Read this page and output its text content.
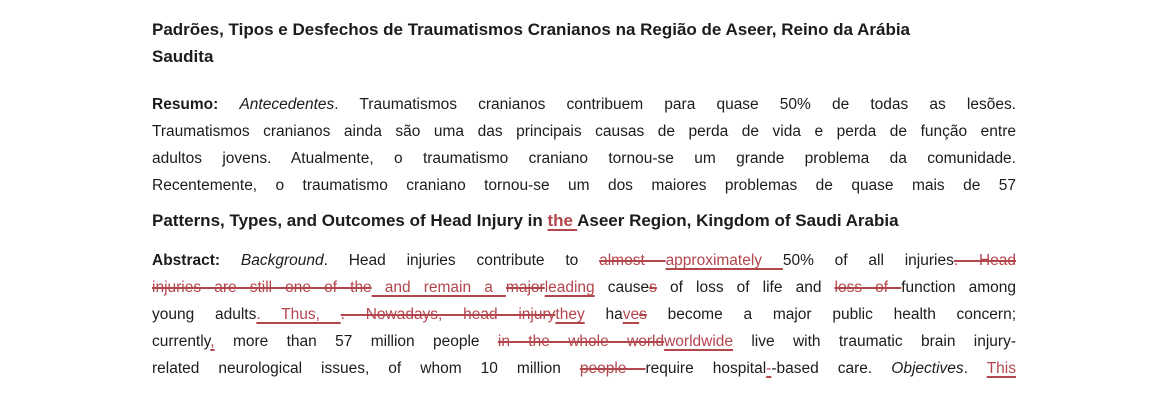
Padrões, Tipos e Desfechos de Traumatismos Cranianos na Região de Aseer, Reino da Arábia
Saudita
Resumo: Antecedentes. Traumatismos cranianos contribuem para quase 50% de todas as lesões.
Traumatismos cranianos ainda são uma das principais causas de perda de vida e perda de função entre
adultos jovens. Atualmente, o traumatismo craniano tornou-se um grande problema da comunidade.
Recentemente, o traumatismo craniano tornou-se um dos maiores problemas de quase mais de 57
Patterns, Types, and Outcomes of Head Injury in the Aseer Region, Kingdom of Saudi Arabia
Abstract: Background. Head injuries contribute to almost approximately 50% of all injuries. Head
injuries are still one of the and remain a majorleading causes of loss of life and loss of function among
young adults. Thus, . Nowadays, head injurythey haves become a major public health concern;
currently, more than 57 million people in the whole worldworldwide live with traumatic brain injury-
related neurological issues, of whom 10 million people require hospital--based care. Objectives. This
